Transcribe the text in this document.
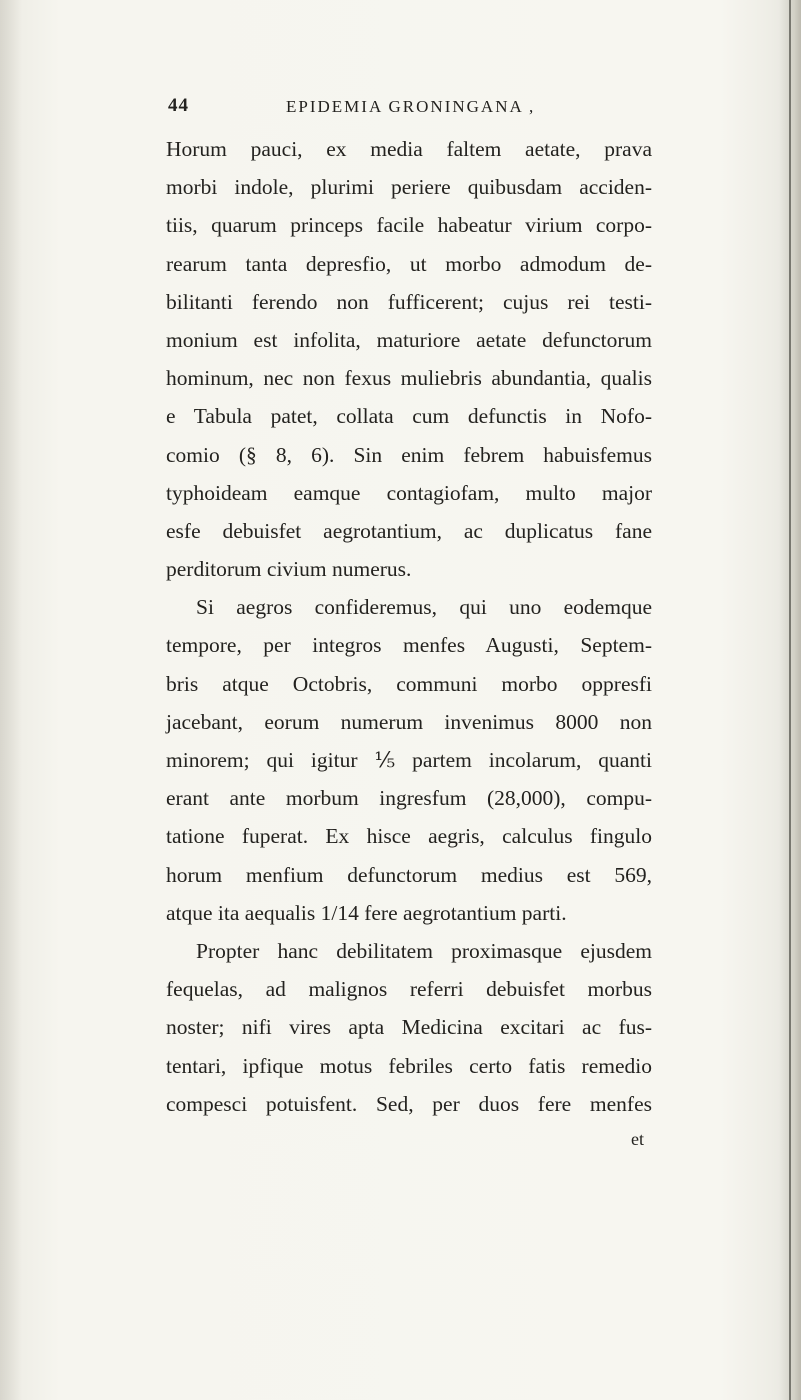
44	EPIDEMIA GRONINGANA ,
Horum pauci, ex media faltem aetate, prava
morbi indole, plurimi periere quibusdam acciden-
tiis, quarum princeps facile habeatur virium corpo-
rearum tanta depresfio, ut morbo admodum de-
bilitanti ferendo non fufficerent; cujus rei testi-
monium est infolita, maturiore aetate defunctorum
hominum, nec non fexus muliebris abundantia, qualis
e Tabula patet, collata cum defunctis in Nofo-
comio (§ 8, 6). Sin enim febrem habuisfemus
typhoideam eamque contagiofam, multo major
esfe debuisfet aegrotantium, ac duplicatus fane
perditorum civium numerus.
Si aegros confideremus, qui uno eodemque
tempore, per integros menfes Augusti, Septem-
bris atque Octobris, communi morbo oppresfi
jacebant, eorum numerum invenimus 8000 non
minorem; qui igitur ⅕ partem incolarum, quanti
erant ante morbum ingresfum (28,000), compu-
tatione fuperat. Ex hisce aegris, calculus fingulo
horum menfium defunctorum medius est 569,
atque ita aequalis 1/14 fere aegrotantium parti.
Propter hanc debilitatem proximasque ejusdem
fequelas, ad malignos referri debuisfet morbus
noster; nifi vires apta Medicina excitari ac fus-
tentari, ipfique motus febriles certo fatis remedio
compesci potuisfent. Sed, per duos fere menfes
et
